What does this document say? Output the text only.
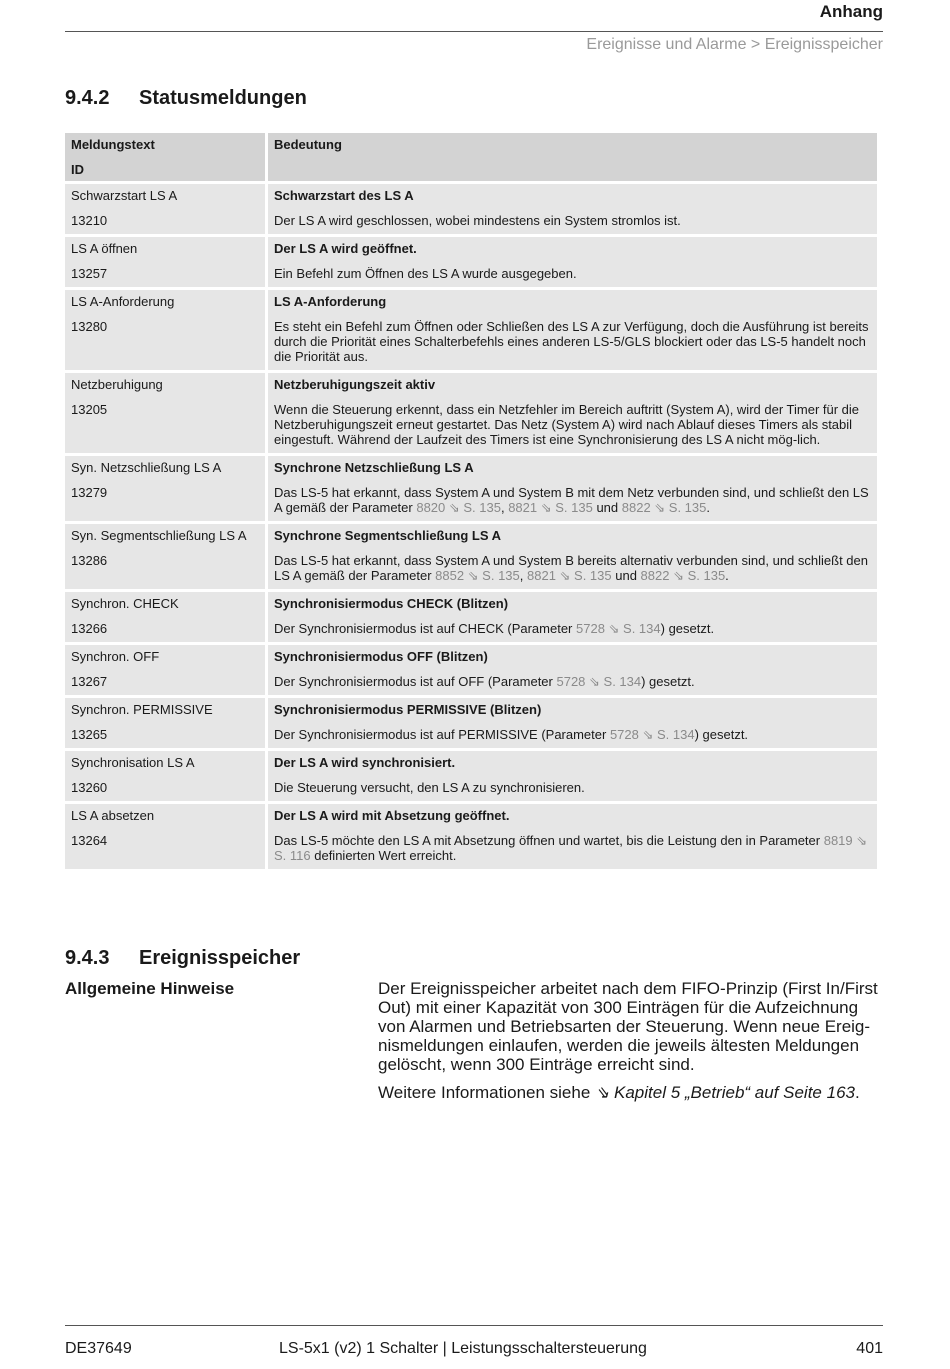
Anhang
Ereignisse und Alarme > Ereignisspeicher
9.4.2 Statusmeldungen
Meldungstext
ID	Bedeutung

Schwarzstart LS A
13210	Schwarzstart des LS A
Der LS A wird geschlossen, wobei mindestens ein System stromlos ist.

LS A öffnen
13257	Der LS A wird geöffnet.
Ein Befehl zum Öffnen des LS A wurde ausgegeben.

LS A-Anforderung
13280	LS A-Anforderung
Es steht ein Befehl zum Öffnen oder Schließen des LS A zur Verfügung, doch die Ausführung ist bereits durch die Priorität eines Schalterbefehls eines anderen LS-5/GLS blockiert oder das LS-5 handelt noch die Priorität aus.

Netzberuhigung
13205	Netzberuhigungszeit aktiv
Wenn die Steuerung erkennt, dass ein Netzfehler im Bereich auftritt (System A), wird der Timer für die Netzberuhigungszeit erneut gestartet. Das Netz (System A) wird nach Ablauf dieses Timers als stabil eingestuft. Während der Laufzeit des Timers ist eine Synchronisierung des LS A nicht mög-lich.

Syn. Netzschließung LS A
13279	Synchrone Netzschließung LS A
Das LS-5 hat erkannt, dass System A und System B mit dem Netz verbunden sind, und schließt den LS A gemäß der Parameter 8820 ⇘ S. 135, 8821 ⇘ S. 135 und 8822 ⇘ S. 135.

Syn. Segmentschließung LS A
13286	Synchrone Segmentschließung LS A
Das LS-5 hat erkannt, dass System A und System B bereits alternativ verbunden sind, und schließt den LS A gemäß der Parameter 8852 ⇘ S. 135, 8821 ⇘ S. 135 und 8822 ⇘ S. 135.

Synchron. CHECK
13266	Synchronisiermodus CHECK (Blitzen)
Der Synchronisiermodus ist auf CHECK (Parameter 5728 ⇘ S. 134) gesetzt.

Synchron. OFF
13267	Synchronisiermodus OFF (Blitzen)
Der Synchronisiermodus ist auf OFF (Parameter 5728 ⇘ S. 134) gesetzt.

Synchron. PERMISSIVE
13265	Synchronisiermodus PERMISSIVE (Blitzen)
Der Synchronisiermodus ist auf PERMISSIVE (Parameter 5728 ⇘ S. 134) gesetzt.

Synchronisation LS A
13260	Der LS A wird synchronisiert.
Die Steuerung versucht, den LS A zu synchronisieren.

LS A absetzen
13264	Der LS A wird mit Absetzung geöffnet.
Das LS-5 möchte den LS A mit Absetzung öffnen und wartet, bis die Leistung den in Parameter 8819 ⇘ S. 116 definierten Wert erreicht.
9.4.3 Ereignisspeicher
Allgemeine Hinweise	Der Ereignisspeicher arbeitet nach dem FIFO-Prinzip (First In/First Out) mit einer Kapazität von 300 Einträgen für die Aufzeichnung von Alarmen und Betriebsarten der Steuerung. Wenn neue Ereig-nismeldungen einlaufen, werden die jeweils ältesten Meldungen gelöscht, wenn 300 Einträge erreicht sind.
Weitere Informationen siehe ⇘ Kapitel 5 „Betrieb“ auf Seite 163.
DE37649	LS-5x1 (v2) 1 Schalter | Leistungsschaltersteuerung	401
